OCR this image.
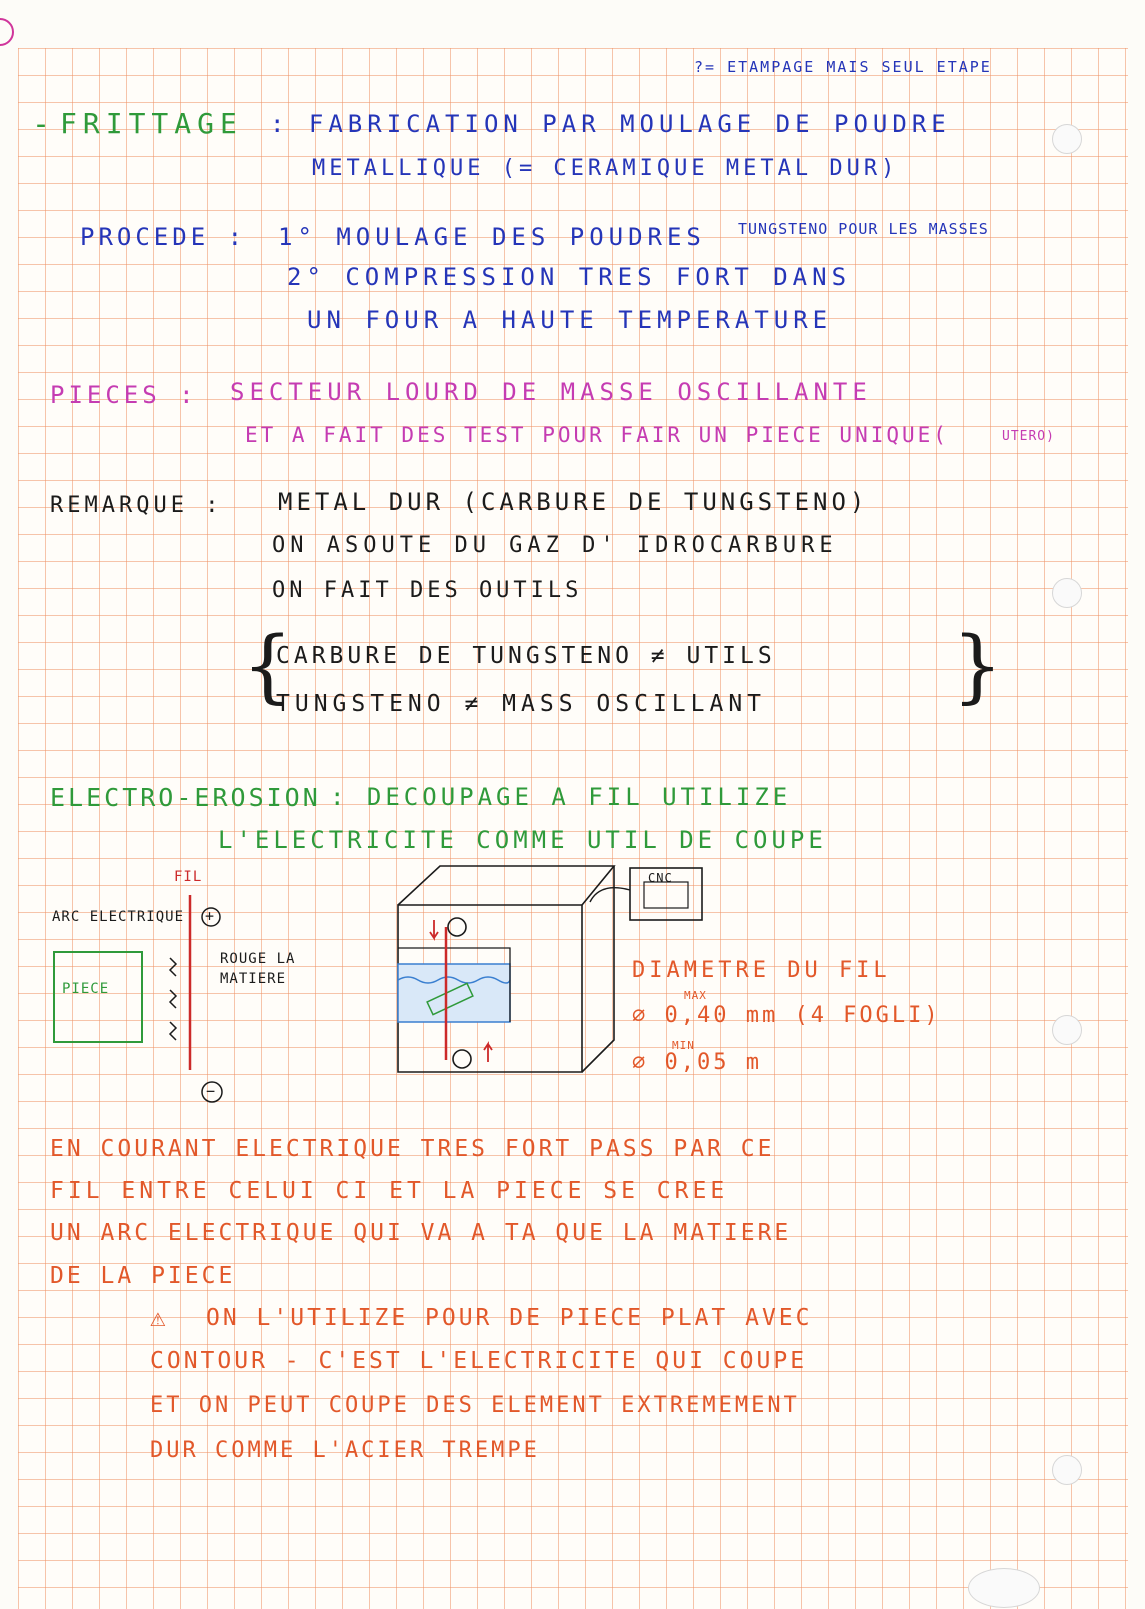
?= ETAMPAGE MAIS SEUL ETAPE
- FRITTAGE : FABRICATION PAR MOULAGE DE POUDRE
METALLIQUE (= CERAMIQUE METAL DUR)
PROCEDE : 1° MOULAGE DES POUDRES TUNGSTENO POUR LES MASSES
2° COMPRESSION TRES FORT DANS
UN FOUR A HAUTE TEMPERATURE
PIECES : SECTEUR LOURD DE MASSE OSCILLANTE
ET A FAIT DES TEST POUR FAIR UN PIECE UNIQUE(	UTERO)
REMARQUE : METAL DUR (CARBURE DE TUNGSTENO)
ON ASOUTE DU GAZ D' IDROCARBURE
ON FAIT DES OUTILS
{
CARBURE DE TUNGSTENO ≠ UTILS
TUNGSTENO ≠ MASS OSCILLANT }
ELECTRO-EROSION : DECOUPAGE A FIL UTILIZE
L'ELECTRICITE COMME UTIL DE COUPE
FIL
ARC ELECTRIQUE +
−
PIECE
ROUGE LA
MATIERE
CNC
DIAMETRE DU FIL
MAX
∅ 0,40 mm (4 FOGLI)
MIN
∅ 0,05 m
EN COURANT ELECTRIQUE TRES FORT PASS PAR CE
FIL ENTRE CELUI CI ET LA PIECE SE CREE
UN ARC ELECTRIQUE QUI VA A TA QUE LA MATIERE
DE LA PIECE
⚠ ON L'UTILIZE POUR DE PIECE PLAT AVEC
CONTOUR - C'EST L'ELECTRICITE QUI COUPE
ET ON PEUT COUPE DES ELEMENT EXTREMEMENT
DUR COMME L'ACIER TREMPE
